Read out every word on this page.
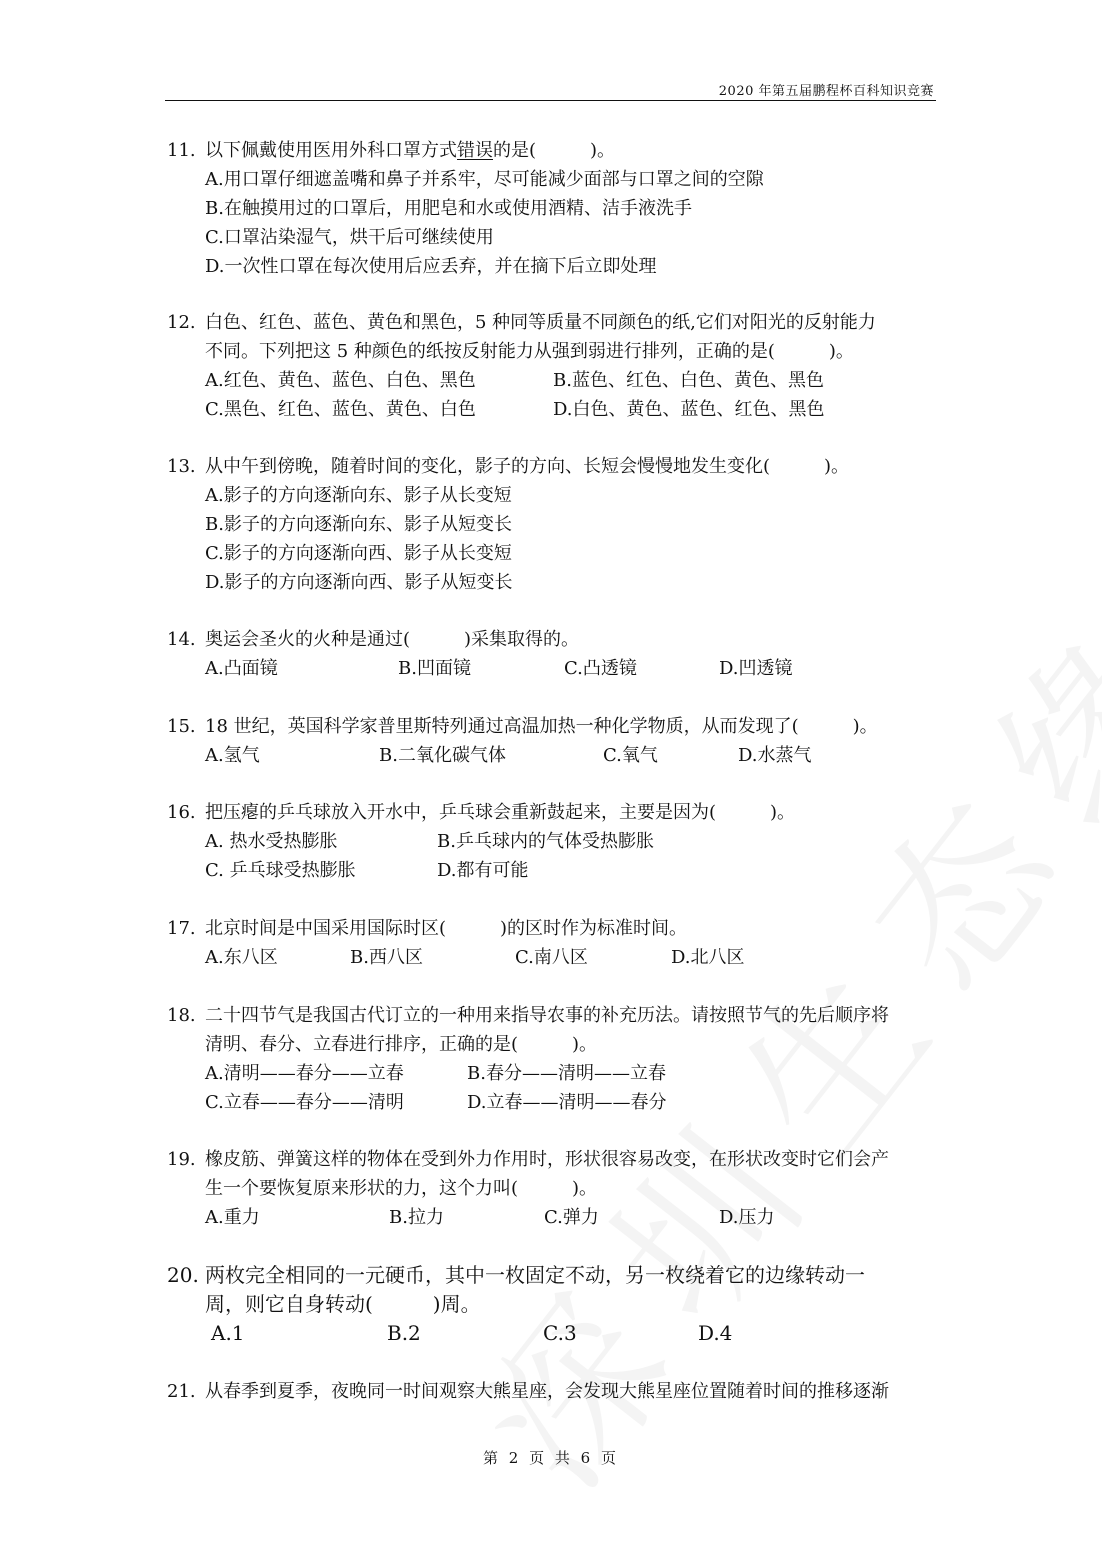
2020 年第五届鹏程杯百科知识竞赛
11. 以下佩戴使用医用外科口罩方式错误的是(　　　)。
A.用口罩仔细遮盖嘴和鼻子并系牢，尽可能减少面部与口罩之间的空隙
B.在触摸用过的口罩后，用肥皂和水或使用酒精、洁手液洗手
C.口罩沾染湿气，烘干后可继续使用
D.一次性口罩在每次使用后应丢弃，并在摘下后立即处理
12. 白色、红色、蓝色、黄色和黑色，5 种同等质量不同颜色的纸,它们对阳光的反射能力
不同。下列把这 5 种颜色的纸按反射能力从强到弱进行排列，正确的是(　　　)。
A.红色、黄色、蓝色、白色、黑色	B.蓝色、红色、白色、黄色、黑色
C.黑色、红色、蓝色、黄色、白色	D.白色、黄色、蓝色、红色、黑色
13. 从中午到傍晚，随着时间的变化，影子的方向、长短会慢慢地发生变化(　　　)。
A.影子的方向逐渐向东、影子从长变短
B.影子的方向逐渐向东、影子从短变长
C.影子的方向逐渐向西、影子从长变短
D.影子的方向逐渐向西、影子从短变长
14. 奥运会圣火的火种是通过(　　　)采集取得的。
A.凸面镜	B.凹面镜	C.凸透镜	D.凹透镜
15. 18 世纪，英国科学家普里斯特列通过高温加热一种化学物质，从而发现了(　　　)。
A.氢气	B.二氧化碳气体	C.氧气	D.水蒸气
16. 把压瘪的乒乓球放入开水中，乒乓球会重新鼓起来，主要是因为(　　　)。
A. 热水受热膨胀	B.乒乓球内的气体受热膨胀
C. 乒乓球受热膨胀	D.都有可能
17. 北京时间是中国采用国际时区(　　　)的区时作为标准时间。
A.东八区	B.西八区	C.南八区	D.北八区
18. 二十四节气是我国古代订立的一种用来指导农事的补充历法。请按照节气的先后顺序将
清明、春分、立春进行排序，正确的是(　　　)。
A.清明——春分——立春	B.春分——清明——立春
C.立春——春分——清明	D.立春——清明——春分
19. 橡皮筋、弹簧这样的物体在受到外力作用时，形状很容易改变，在形状改变时它们会产
生一个要恢复原来形状的力，这个力叫(　　　)。
A.重力	B.拉力	C.弹力	D.压力
20. 两枚完全相同的一元硬币，其中一枚固定不动，另一枚绕着它的边缘转动一
周，则它自身转动(　　　)周。
A.1	B.2	C.3	D.4
21. 从春季到夏季，夜晚同一时间观察大熊星座，会发现大熊星座位置随着时间的推移逐渐
第 2 页 共 6 页
